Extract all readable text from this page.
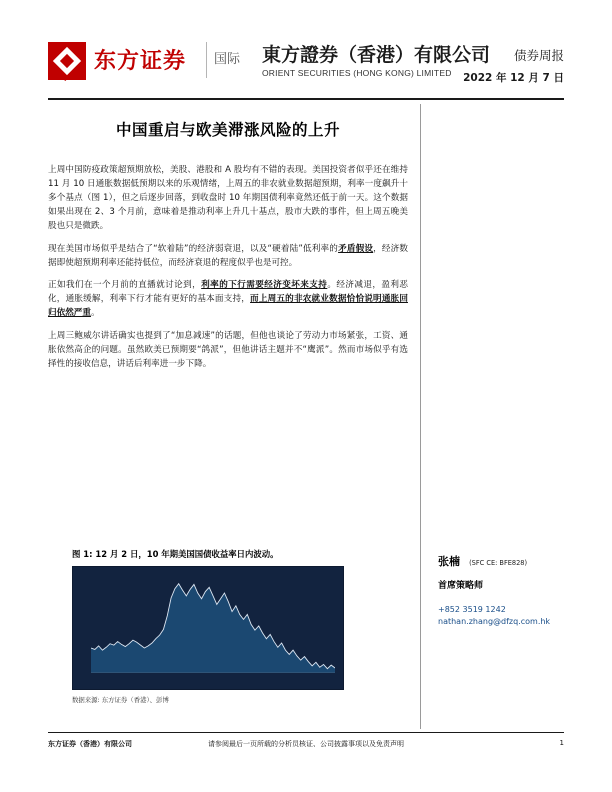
DFZQ
东方证券 国际 東方證券（香港）有限公司
ORIENT SECURITIES (HONG KONG) LIMITED
债券周报
2022 年 12 月 7 日
中国重启与欧美滞涨风险的上升

上周中国防疫政策超预期放松，美股、港股和 A 股均有不错的表现。美国投资者似乎还在维持 11 月 10 日通胀数据低预期以来的乐观情绪，上周五的非农就业数据超预期，利率一度飙升十多个基点（图 1），但之后逐步回落，到收盘时 10 年期国债利率竟然还低于前一天。这个数据如果出现在 2、3 个月前，意味着是推动利率上升几十基点，股市大跌的事件，但上周五晚美股也只是微跌。

现在美国市场似乎是结合了“软着陆”的经济弱衰退，以及“硬着陆”低利率的矛盾假设，经济数据即使超预期利率还能持低位，而经济衰退的程度似乎也是可控。

正如我们在一个月前的直播就讨论到，利率的下行需要经济变坏来支持。经济减退，盈利恶化，通胀缓解，利率下行才能有更好的基本面支持，而上周五的非农就业数据恰恰说明通胀回归依然严重。

上周三鲍威尔讲话确实也提到了“加息减速”的话题，但他也谈论了劳动力市场紧张，工资、通胀依然高企的问题。虽然欧美已预期要“鸽派”，但他讲话主题并不“鹰派”。然而市场似乎有选择性的接收信息，讲话后利率进一步下降。

图 1: 12 月 2 日，10 年期美国国债收益率日内波动。
数据来源: 东方证券（香港）、彭博
张楠 (SFC CE: BFE828)
首席策略师
+852 3519 1242
nathan.zhang@dfzq.com.hk
东方证券（香港）有限公司	请参阅最后一页所载的分析员核证、公司披露事项以及免责声明	1
